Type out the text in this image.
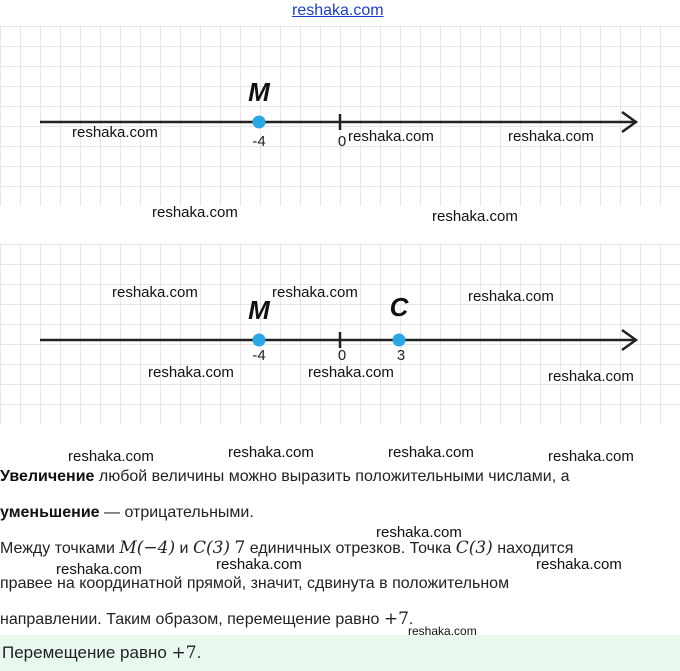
reshaka.com
M
-4	0
M	C
-4	0	3
reshaka.com	reshaka.com	reshaka.com
reshaka.com	reshaka.com
reshaka.com	reshaka.com	reshaka.com
reshaka.com	reshaka.com	reshaka.com
reshaka.com	reshaka.com	reshaka.com	reshaka.com
Увеличение любой величины можно выразить положительными числами, а
уменьшение — отрицательными.
Между точками M(−4) и C(3) 7 единичных отрезков. Точка C(3) находится
правее на координатной прямой, значит, сдвинута в положительном
направлении. Таким образом, перемещение равно +7.
reshaka.com
reshaka.com	reshaka.com	reshaka.com
Перемещение равно +7.
reshaka.com
